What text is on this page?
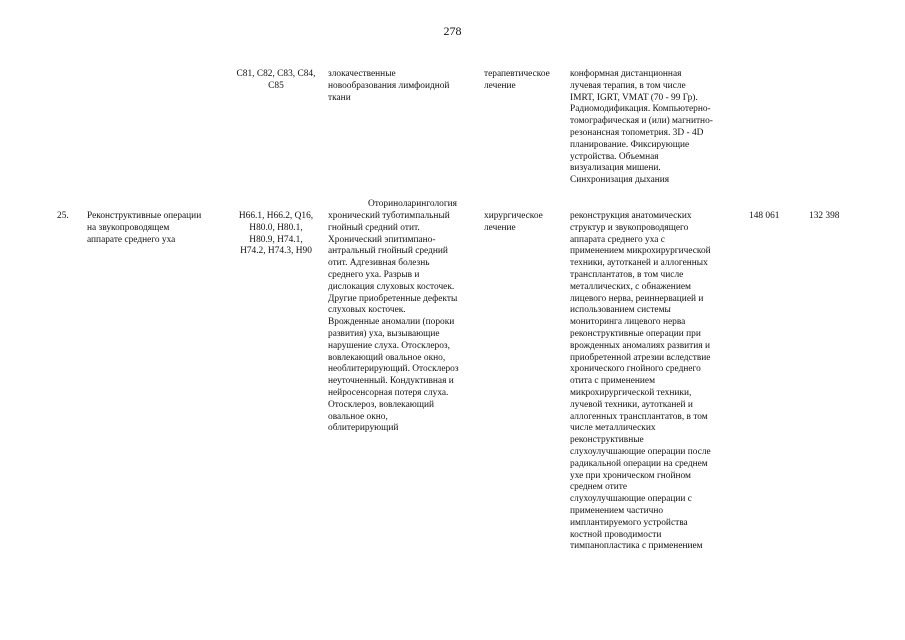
278
C81, C82, C83, C84,
C85
злокачественные
новообразования лимфоидной
ткани
терапевтическое
лечение
конформная дистанционная
лучевая терапия, в том числе
IMRT, IGRT, VMAT (70 - 99 Гр).
Радиомодификация. Компьютерно-
томографическая и (или) магнитно-
резонансная топометрия. 3D - 4D
планирование. Фиксирующие
устройства. Объемная
визуализация мишени.
Синхронизация дыхания
Оториноларингология
25. Реконструктивные операции
на звукопроводящем
аппарате среднего уха
H66.1, H66.2, Q16,
H80.0, H80.1,
H80.9, H74.1,
H74.2, H74.3, H90
хронический туботимпальный
гнойный средний отит.
Хронический эпитимпано-
антральный гнойный средний
отит. Адгезивная болезнь
среднего уха. Разрыв и
дислокация слуховых косточек.
Другие приобретенные дефекты
слуховых косточек.
Врожденные аномалии (пороки
развития) уха, вызывающие
нарушение слуха. Отосклероз,
вовлекающий овальное окно,
необлитерирующий. Отосклероз
неуточненный. Кондуктивная и
нейросенсорная потеря слуха.
Отосклероз, вовлекающий
овальное окно,
облитерирующий
хирургическое
лечение
реконструкция анатомических
структур и звукопроводящего
аппарата среднего уха с
применением микрохирургической
техники, аутотканей и аллогенных
трансплантатов, в том числе
металлических, с обнажением
лицевого нерва, реиннервацией и
использованием системы
мониторинга лицевого нерва
реконструктивные операции при
врожденных аномалиях развития и
приобретенной атрезии вследствие
хронического гнойного среднего
отита с применением
микрохирургической техники,
лучевой техники, аутотканей и
аллогенных трансплантатов, в том
числе металлических
реконструктивные
слухоулучшающие операции после
радикальной операции на среднем
ухе при хроническом гнойном
среднем отите
слухоулучшающие операции с
применением частично
имплантируемого устройства
костной проводимости
тимпанопластика с применением
148 061	132 398
